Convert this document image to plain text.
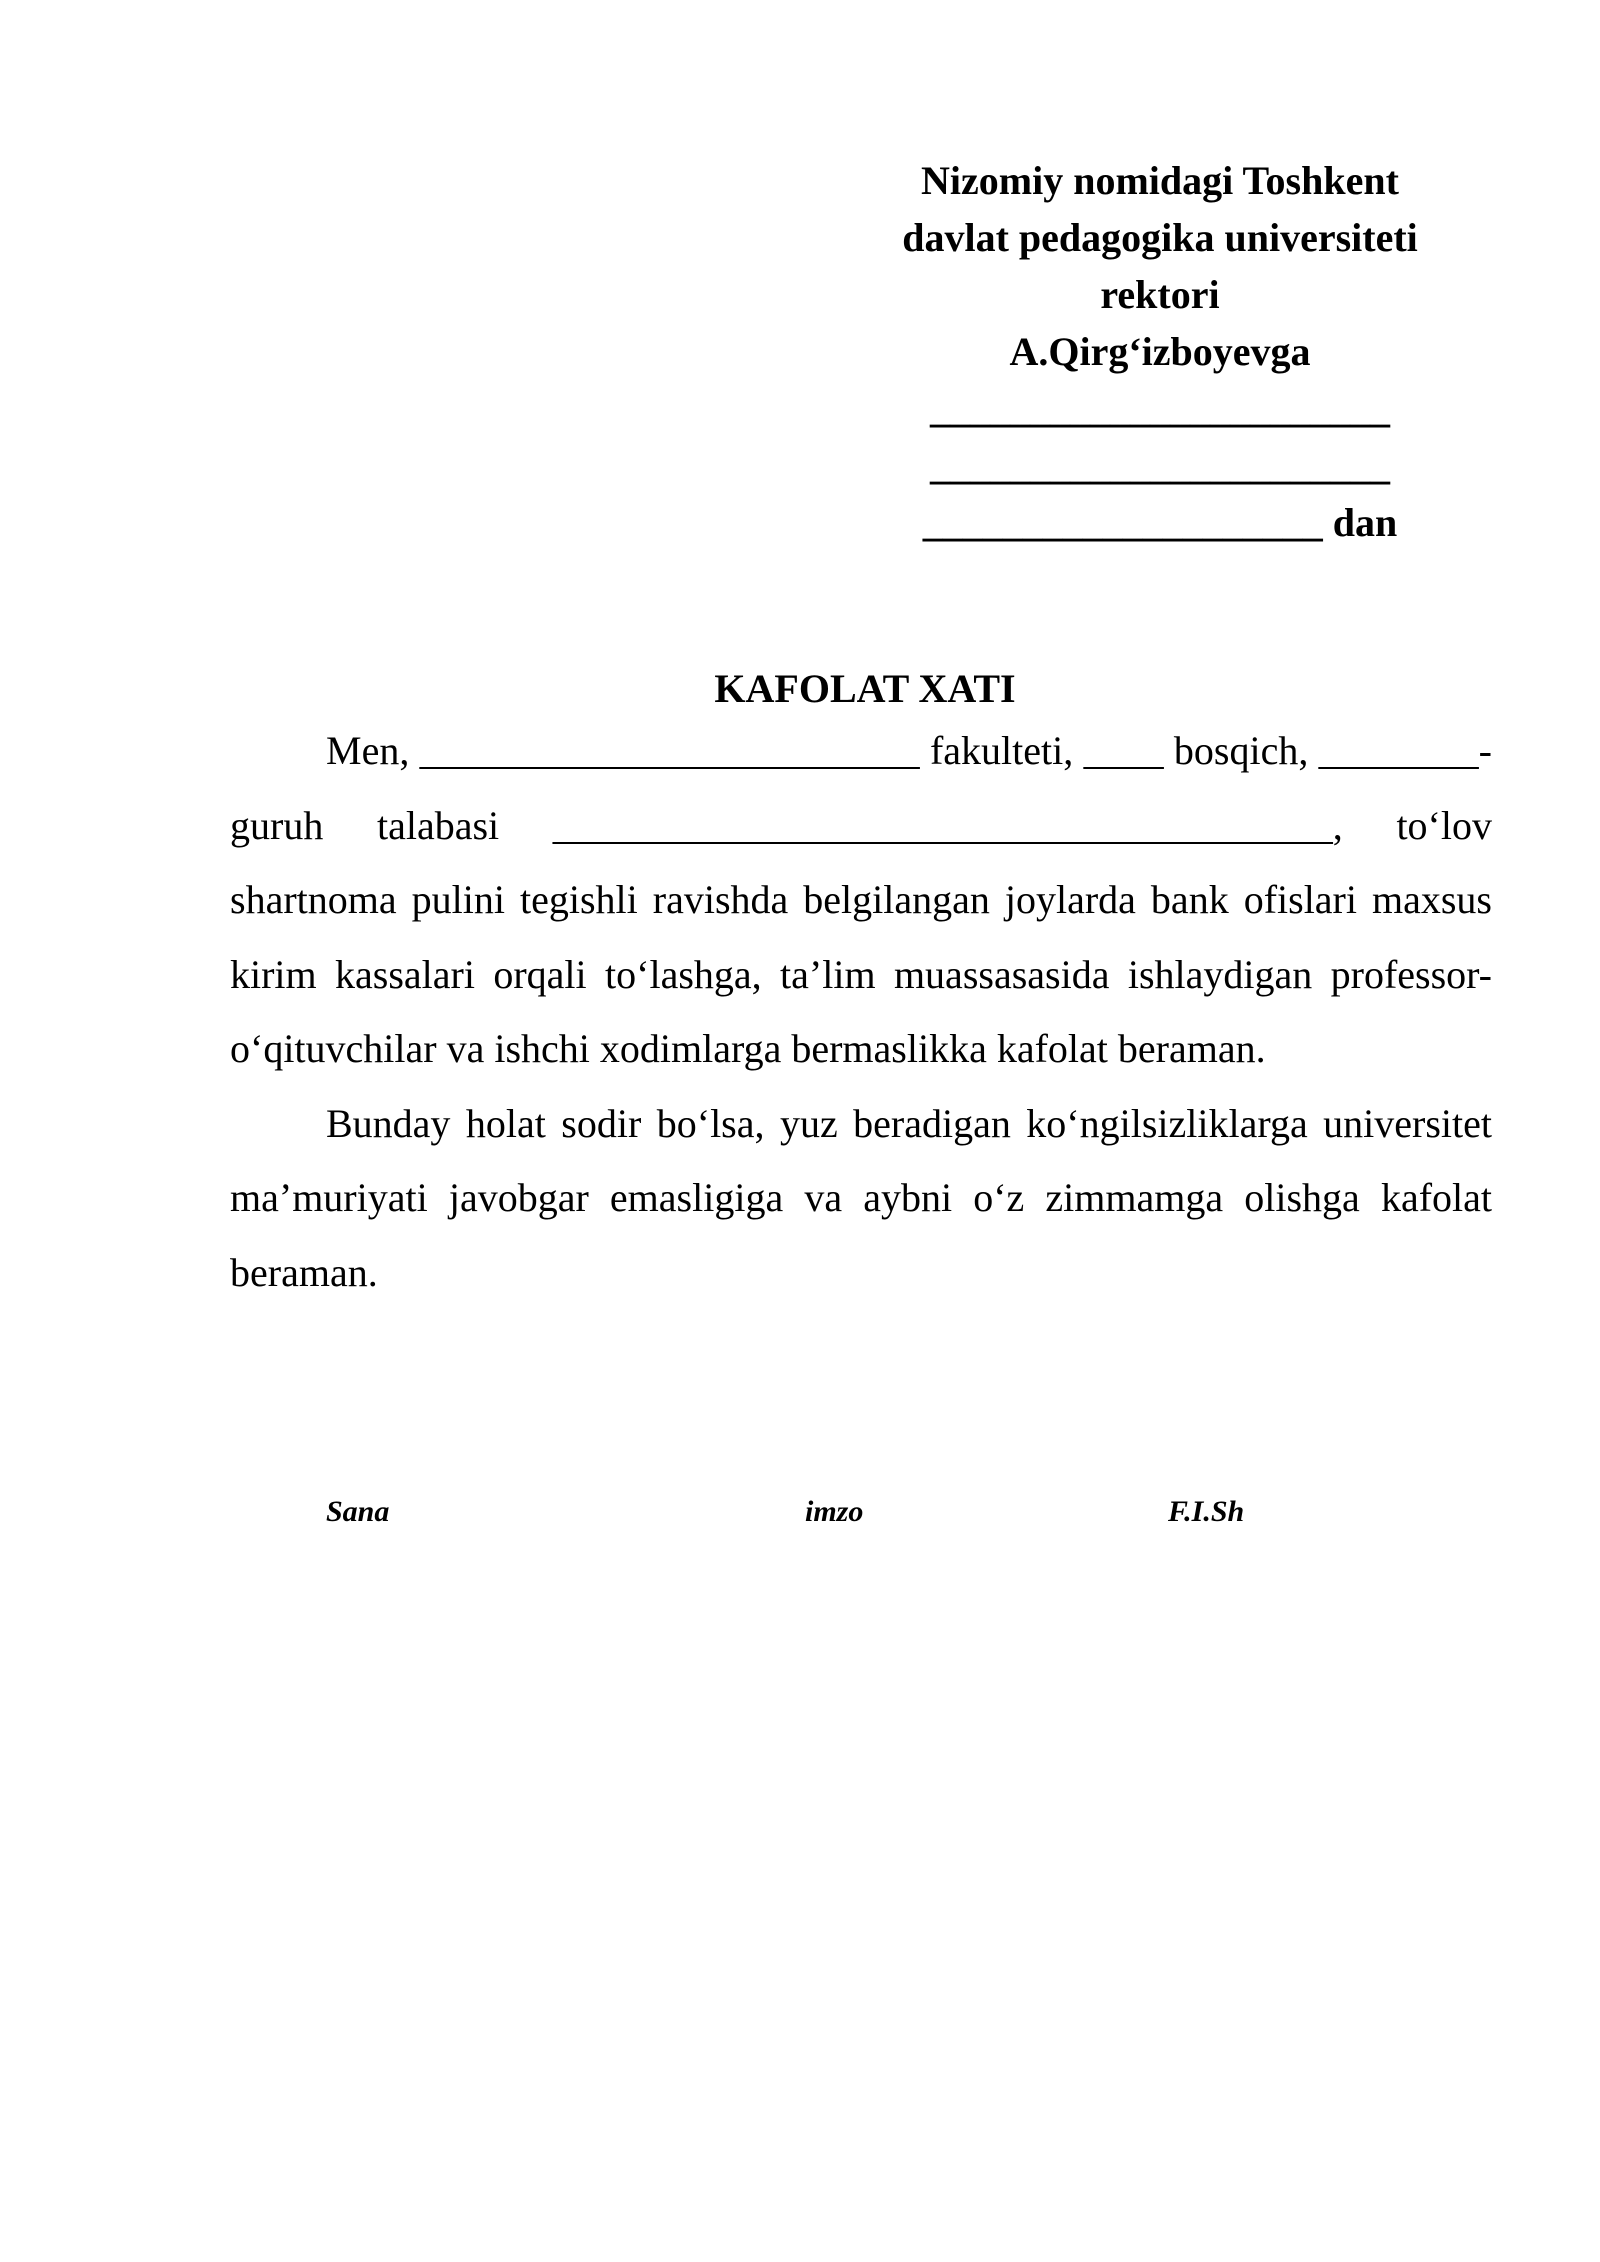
Nizomiy nomidagi Toshkent
davlat pedagogika universiteti
rektori
A.Qirg‘izboyevga
_______________________
_______________________
____________________ dan
KAFOLAT XATI

Men, _________________________ fakulteti, ____ bosqich, ________-guruh talabasi _______________________________________, to‘lov shartnoma pulini tegishli ravishda belgilangan joylarda bank ofislari maxsus kirim kassalari orqali to‘lashga, ta’lim muassasasida ishlaydigan professor-o‘qituvchilar va ishchi xodimlarga bermaslikka kafolat beraman.

Bunday holat sodir bo‘lsa, yuz beradigan ko‘ngilsizliklarga universitet ma’muriyati javobgar emasligiga va aybni o‘z zimmamga olishga kafolat beraman.

Sana	imzo	F.I.Sh
